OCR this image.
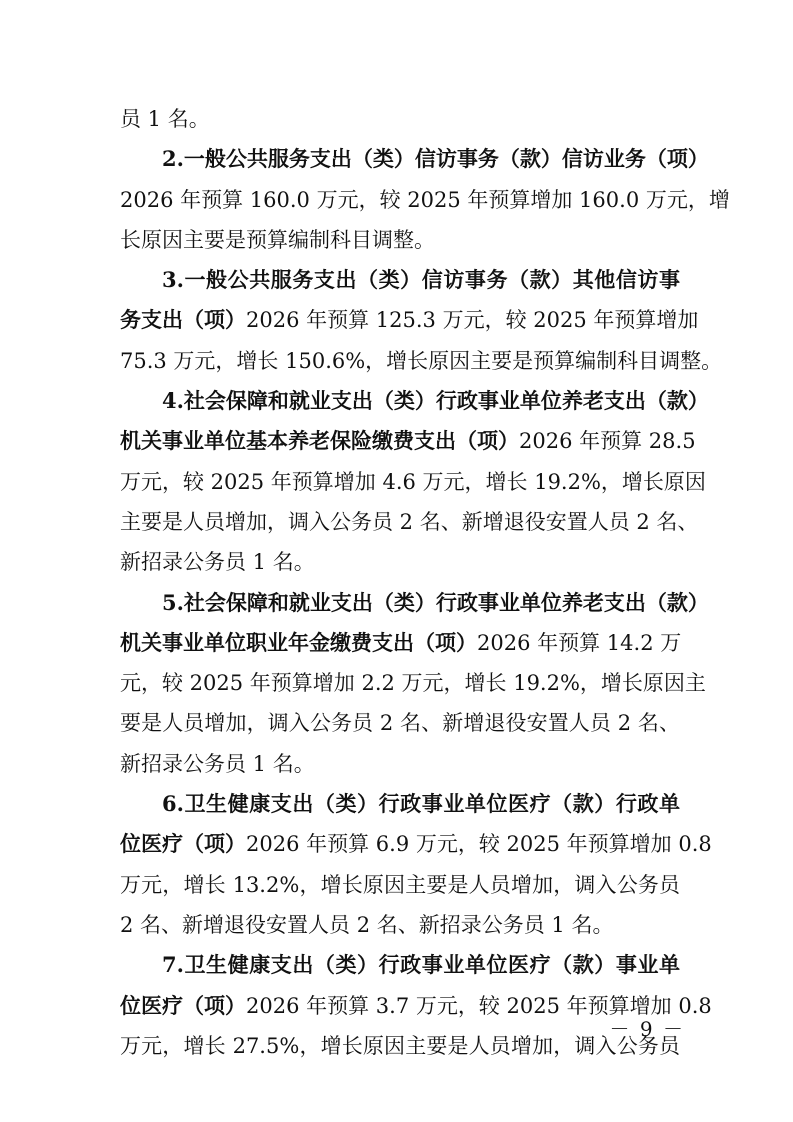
员 1 名。
2.一般公共服务支出（类）信访事务（款）信访业务（项）
2026 年预算 160.0 万元，较 2025 年预算增加 160.0 万元，增
长原因主要是预算编制科目调整。
3.一般公共服务支出（类）信访事务（款）其他信访事
务支出（项）2026 年预算 125.3 万元，较 2025 年预算增加
75.3 万元，增长 150.6%，增长原因主要是预算编制科目调整。
4.社会保障和就业支出（类）行政事业单位养老支出（款）
机关事业单位基本养老保险缴费支出（项）2026 年预算 28.5
万元，较 2025 年预算增加 4.6 万元，增长 19.2%，增长原因
主要是人员增加，调入公务员 2 名、新增退役安置人员 2 名、
新招录公务员 1 名。
5.社会保障和就业支出（类）行政事业单位养老支出（款）
机关事业单位职业年金缴费支出（项）2026 年预算 14.2 万
元，较 2025 年预算增加 2.2 万元，增长 19.2%，增长原因主
要是人员增加，调入公务员 2 名、新增退役安置人员 2 名、
新招录公务员 1 名。
6.卫生健康支出（类）行政事业单位医疗（款）行政单
位医疗（项）2026 年预算 6.9 万元，较 2025 年预算增加 0.8
万元，增长 13.2%，增长原因主要是人员增加，调入公务员
2 名、新增退役安置人员 2 名、新招录公务员 1 名。
7.卫生健康支出（类）行政事业单位医疗（款）事业单
位医疗（项）2026 年预算 3.7 万元，较 2025 年预算增加 0.8
万元，增长 27.5%，增长原因主要是人员增加，调入公务员
－ 9 －
